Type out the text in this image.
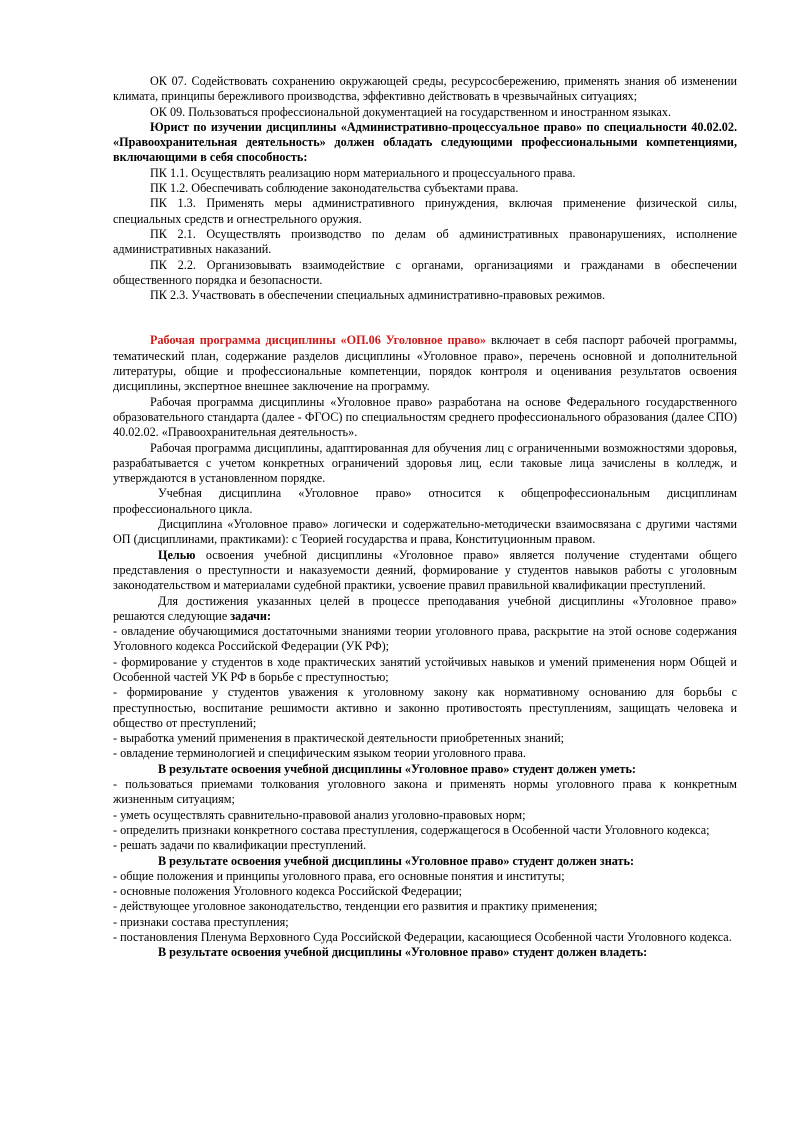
ОК 07. Содействовать сохранению окружающей среды, ресурсосбережению, применять знания об изменении климата, принципы бережливого производства, эффективно действовать в чрезвычайных ситуациях;

ОК 09. Пользоваться профессиональной документацией на государственном и иностранном языках.

Юрист по изучении дисциплины «Административно-процессуальное право» по специальности 40.02.02. «Правоохранительная деятельность» должен обладать следующими профессиональными компетенциями, включающими в себя способность:

ПК 1.1. Осуществлять реализацию норм материального и процессуального права.

ПК 1.2. Обеспечивать соблюдение законодательства субъектами права.

ПК 1.3. Применять меры административного принуждения, включая применение физической силы, специальных средств и огнестрельного оружия.

ПК 2.1. Осуществлять производство по делам об административных правонарушениях, исполнение административных наказаний.

ПК 2.2. Организовывать взаимодействие с органами, организациями и гражданами в обеспечении общественного порядка и безопасности.

ПК 2.3. Участвовать в обеспечении специальных административно-правовых режимов.

Рабочая программа дисциплины «ОП.06 Уголовное право» включает в себя паспорт рабочей программы, тематический план, содержание разделов дисциплины «Уголовное право», перечень основной и дополнительной литературы, общие и профессиональные компетенции, порядок контроля и оценивания результатов освоения дисциплины, экспертное внешнее заключение на программу.

Рабочая программа дисциплины «Уголовное право» разработана на основе Федерального государственного образовательного стандарта (далее - ФГОС) по специальностям среднего профессионального образования (далее СПО) 40.02.02. «Правоохранительная деятельность».

Рабочая программа дисциплины, адаптированная для обучения лиц с ограниченными возможностями здоровья, разрабатывается с учетом конкретных ограничений здоровья лиц, если таковые лица зачислены в колледж, и утверждаются в установленном порядке.

Учебная дисциплина «Уголовное право» относится к общепрофессиональным дисциплинам профессионального цикла.

Дисциплина «Уголовное право» логически и содержательно-методически взаимосвязана с другими частями ОП (дисциплинами, практиками): с Теорией государства и права, Конституционным правом.

Целью освоения учебной дисциплины «Уголовное право» является получение студентами общего представления о преступности и наказуемости деяний, формирование у студентов навыков работы с уголовным законодательством и материалами судебной практики, усвоение правил правильной квалификации преступлений.

Для достижения указанных целей в процессе преподавания учебной дисциплины «Уголовное право» решаются следующие задачи:

- овладение обучающимися достаточными знаниями теории уголовного права, раскрытие на этой основе содержания Уголовного кодекса Российской Федерации (УК РФ);

- формирование у студентов в ходе практических занятий устойчивых навыков и умений применения норм Общей и Особенной частей УК РФ в борьбе с преступностью;

- формирование у студентов уважения к уголовному закону как нормативному основанию для борьбы с преступностью, воспитание решимости активно и законно противостоять преступлениям, защищать человека и общество от преступлений;

- выработка умений применения в практической деятельности приобретенных знаний;

- овладение терминологией и специфическим языком теории уголовного права.

В результате освоения учебной дисциплины «Уголовное право» студент должен уметь:

- пользоваться приемами толкования уголовного закона и применять нормы уголовного права к конкретным жизненным ситуациям;

- уметь осуществлять сравнительно-правовой анализ уголовно-правовых норм;

- определить признаки конкретного состава преступления, содержащегося в Особенной части Уголовного кодекса;

- решать задачи по квалификации преступлений.

В результате освоения учебной дисциплины «Уголовное право» студент должен знать:

- общие положения и принципы уголовного права, его основные понятия и институты;

- основные положения Уголовного кодекса Российской Федерации;

- действующее уголовное законодательство, тенденции его развития и практику применения;

- признаки состава преступления;

- постановления Пленума Верховного Суда Российской Федерации, касающиеся Особенной части Уголовного кодекса.

В результате освоения учебной дисциплины «Уголовное право» студент должен владеть:
